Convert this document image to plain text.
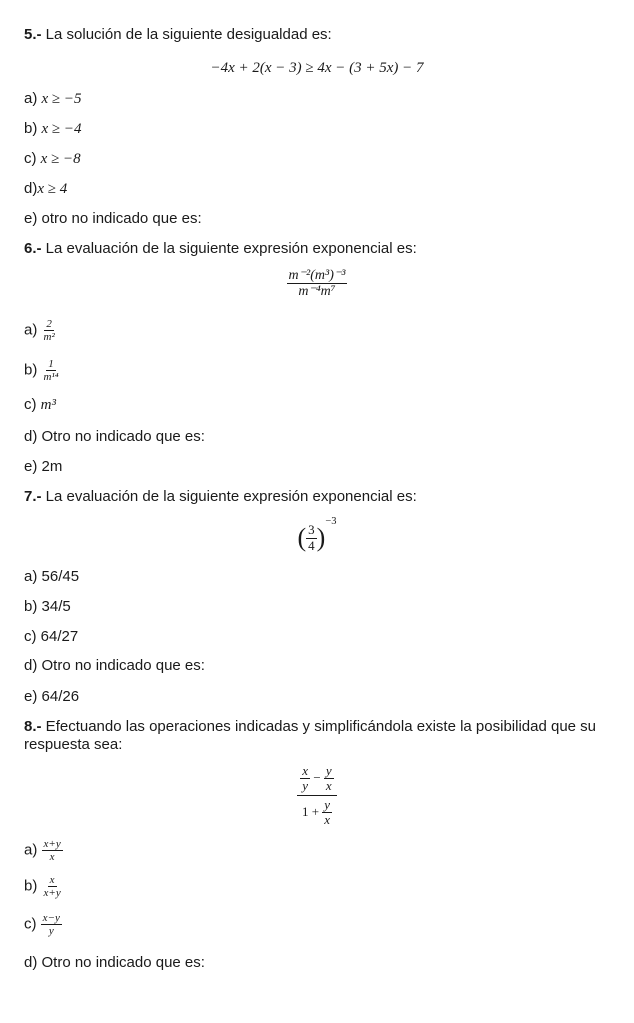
5.- La solución de la siguiente desigualdad es:
−4x + 2(x − 3) ≥ 4x − (3 + 5x) − 7
a) x ≥ −5
b) x ≥ −4
c) x ≥ −8
d)x ≥ 4
e) otro no indicado que es:
6.- La evaluación de la siguiente expresión exponencial es:
$\frac{\text{m⁻²(m³)⁻³}}{\text{m⁻⁴m⁷}}$
$a) \frac{2}{\text{m²}}$
$b) \frac{1}{\text{m¹⁴}}$
c) m³
d) Otro no indicado que es:
e) 2m
7.- La evaluación de la siguiente expresión exponencial es:
( $\frac{3}{4} )^{-3}$
a) 56/45
b) 34/5
c) 64/27
d) Otro no indicado que es:
e) 64/26
8.- Efectuando las operaciones indicadas y simplificándola existe la posibilidad que su
respuesta sea:
$\frac{\frac{x}{y} - \frac{y}{x}}{1 + \frac{y}{x}}$
$a) \frac{x+y}{x}$
$b) \frac{x}{x+y}$
$c) \frac{x-y}{y}$
d) Otro no indicado que es:
